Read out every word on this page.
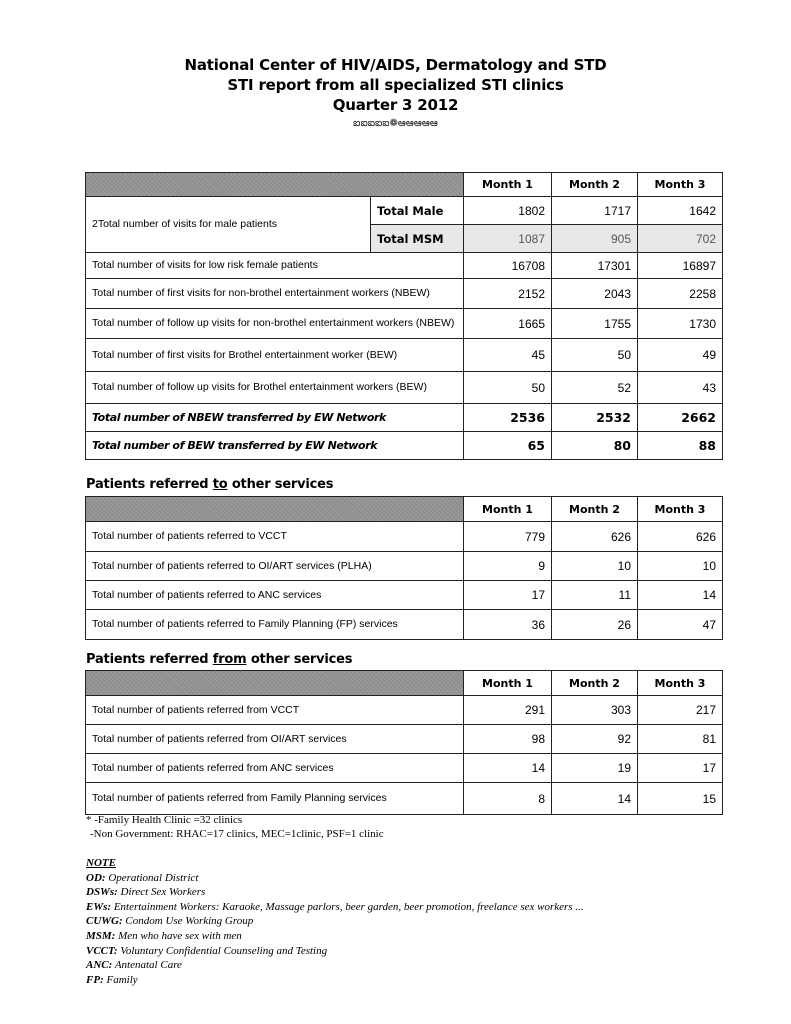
National Center of HIV/AIDS, Dermatology and STD
STI report from all specialized STI clinics
Quarter 3 2012
ఐఐఐఐఐ❁ఆఆఆఆఆ
		Month 1	Month 2	Month 3
2Total number of visits for male patients	Total Male	1802	1717	1642
	Total MSM	1087	905	702
Total number of visits for low risk female patients		16708	17301	16897
Total number of first visits for non-brothel entertainment workers (NBEW)		2152	2043	2258
Total number of follow up visits for non-brothel entertainment workers (NBEW)		1665	1755	1730
Total number of first visits for Brothel entertainment worker (BEW)		45	50	49
Total number of follow up visits for Brothel entertainment workers (BEW)		50	52	43
Total number of NBEW transferred by EW Network		2536	2532	2662
Total number of BEW transferred by EW Network		65	80	88
Patients referred to other services
	Month 1	Month 2	Month 3
Total number of patients referred to VCCT	779	626	626
Total number of patients referred to OI/ART services (PLHA)	9	10	10
Total number of patients referred to ANC services	17	11	14
Total number of patients referred to Family Planning (FP) services	36	26	47
Patients referred from other services
	Month 1	Month 2	Month 3
Total number of patients referred from VCCT	291	303	217
Total number of patients referred from OI/ART services	98	92	81
Total number of patients referred from ANC services	14	19	17
Total number of patients referred from Family Planning services	8	14	15
* -Family Health Clinic =32 clinics
-Non Government: RHAC=17 clinics, MEC=1clinic, PSF=1 clinic
NOTE
OD: Operational District
DSWs: Direct Sex Workers
EWs: Entertainment Workers: Karaoke, Massage parlors, beer garden, beer promotion, freelance sex workers ...
CUWG: Condom Use Working Group
MSM: Men who have sex with men
VCCT: Voluntary Confidential Counseling and Testing
ANC: Antenatal Care
FP: Family
